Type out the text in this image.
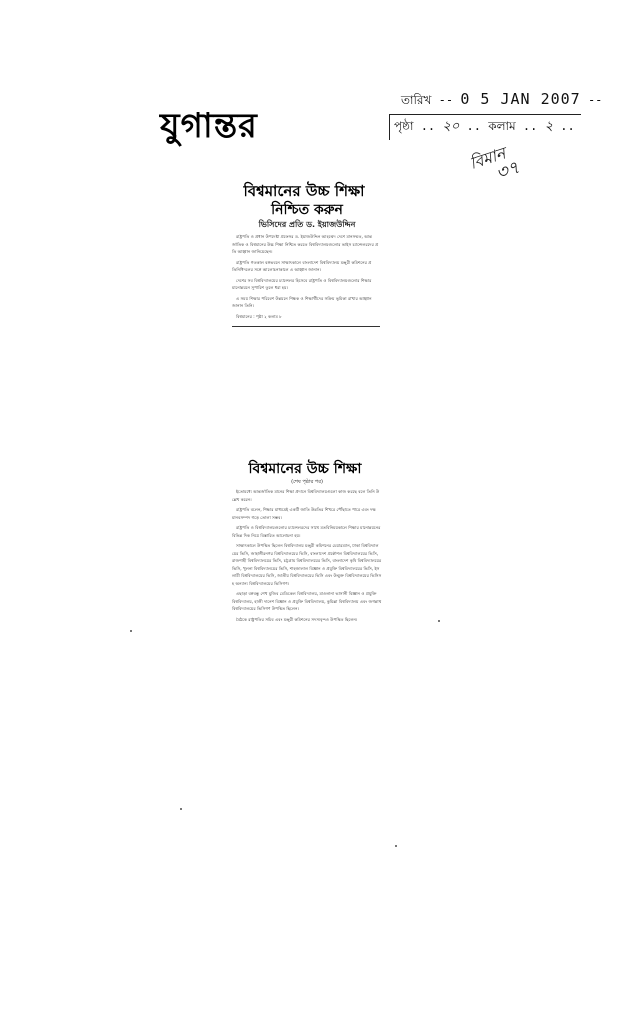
যুগান্তর
তারিখ -- 0 5 JAN 2007 --
পৃষ্ঠা .. ২০ .. কলাম .. ২ ..
বিমান
৩৭
বিশ্বমানের উচ্চ শিক্ষা
নিশ্চিত করুন
ভিসিদের প্রতি ড. ইয়াজউদ্দিন

রাষ্ট্রপতি ও প্রধান উপদেষ্টা প্রফেসর ড. ইয়াজউদ্দিন আহম্মেদ দেশে মানসম্মত, আন্তর্জাতিক ও বিশ্বমানের উচ্চ শিক্ষা নিশ্চিত করতে বিশ্ববিদ্যালয়গুলোর ভাইস চ্যান্সেলরদের প্রতি আহ্বান জানিয়েছেন।

রাষ্ট্রপতি গতকাল বঙ্গভবনে সাক্ষাৎকালে বাংলাদেশ বিশ্ববিদ্যালয় মঞ্জুরী কমিশনের প্রতিনিধিদলের সঙ্গে আলোচনাকালে এ আহ্বান জানান।

দেশের সব বিশ্ববিদ্যালয়ের চ্যান্সেলর হিসেবে রাষ্ট্রপতি ও বিশ্ববিদ্যালয়গুলোর শিক্ষার মানোন্নয়নে সুপারিশ তুলে ধরা হয়।

এ সময় শিক্ষার পরিবেশ উন্নয়নে শিক্ষক ও শিক্ষার্থীদের সক্রিয় ভূমিকা রাখার আহ্বান জানান তিনি।

বিশ্বমানের : পৃষ্ঠা ২ কলাম ৮

বিশ্বমানের উচ্চ শিক্ষা
(শেষ পৃষ্ঠার পর)

ইতোমধ্যে আন্তর্জাতিক মানের শিক্ষা প্রদানে বিশ্ববিদ্যালয়গুলো কাজ করছে বলে তিনি উল্লেখ করেন।

রাষ্ট্রপতি বলেন, শিক্ষার মাধ্যমেই একটি জাতি উন্নতির শিখরে পৌঁছাতে পারে এবং দক্ষ মানবসম্পদ গড়ে তোলা সম্ভব।

রাষ্ট্রপতি ও বিশ্ববিদ্যালয়গুলোর চ্যান্সেলরদের সাথে মতবিনিময়কালে শিক্ষার মানোন্নয়নের বিভিন্ন দিক নিয়ে বিস্তারিত আলোচনা হয়।

সাক্ষাৎকালে উপস্থিত ছিলেন বিশ্ববিদ্যালয় মঞ্জুরী কমিশনের চেয়ারম্যান, ঢাকা বিশ্ববিদ্যালয়ের ভিসি, জাহাঙ্গীরনগর বিশ্ববিদ্যালয়ের ভিসি, বাংলাদেশ প্রকৌশল বিশ্ববিদ্যালয়ের ভিসি, রাজশাহী বিশ্ববিদ্যালয়ের ভিসি, চট্টগ্রাম বিশ্ববিদ্যালয়ের ভিসি, বাংলাদেশ কৃষি বিশ্ববিদ্যালয়ের ভিসি, খুলনা বিশ্ববিদ্যালয়ের ভিসি, শাহজালাল বিজ্ঞান ও প্রযুক্তি বিশ্ববিদ্যালয়ের ভিসি, ইসলামী বিশ্ববিদ্যালয়ের ভিসি, জাতীয় বিশ্ববিদ্যালয়ের ভিসি এবং উন্মুক্ত বিশ্ববিদ্যালয়ের ভিসিসহ অন্যান্য বিশ্ববিদ্যালয়ের ভিসিগণ।

এছাড়া বঙ্গবন্ধু শেখ মুজিব মেডিকেল বিশ্ববিদ্যালয়, মাওলানা ভাসানী বিজ্ঞান ও প্রযুক্তি বিশ্ববিদ্যালয়, হাজী দানেশ বিজ্ঞান ও প্রযুক্তি বিশ্ববিদ্যালয়, কুমিল্লা বিশ্ববিদ্যালয় এবং জগন্নাথ বিশ্ববিদ্যালয়ের ভিসিগণ উপস্থিত ছিলেন।

বৈঠকে রাষ্ট্রপতির সচিব এবং মঞ্জুরী কমিশনের সদস্যবৃন্দও উপস্থিত ছিলেন।
